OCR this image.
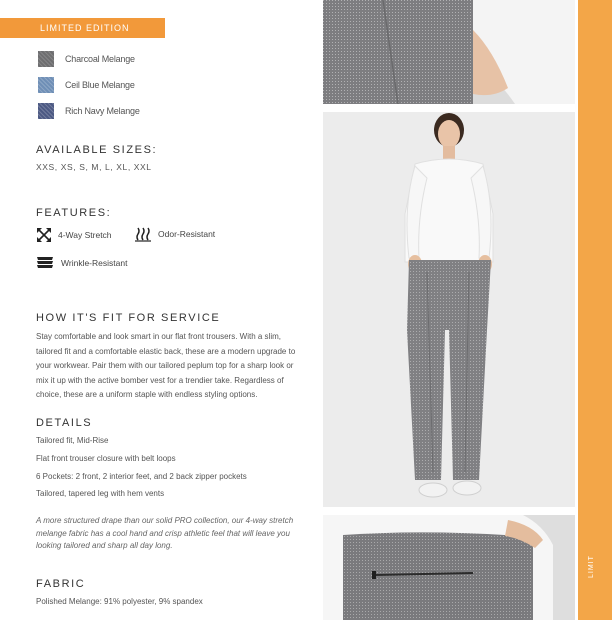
LIMITED EDITION
Charcoal Melange
Ceil Blue Melange
Rich Navy Melange
AVAILABLE SIZES:
XXS, XS, S, M, L, XL, XXL
FEATURES:
4-Way Stretch	Odor-Resistant
Wrinkle-Resistant
HOW IT'S FIT FOR SERVICE
Stay comfortable and look smart in our flat front trousers. With a slim, tailored fit and a comfortable elastic back, these are a modern upgrade to your workwear. Pair them with our tailored peplum top for a sharp look or mix it up with the active bomber vest for a trendier take. Regardless of choice, these are a uniform staple with endless styling options.
DETAILS
Tailored fit, Mid-Rise
Flat front trouser closure with belt loops
6 Pockets: 2 front, 2 interior feet, and 2 back zipper pockets
Tailored, tapered leg with hem vents
A more structured drape than our solid PRO collection, our 4-way stretch melange fabric has a cool hand and crisp athletic feel that will leave you looking tailored and sharp all day long.
FABRIC
Polished Melange: 91% polyester, 9% spandex
LIMIT
